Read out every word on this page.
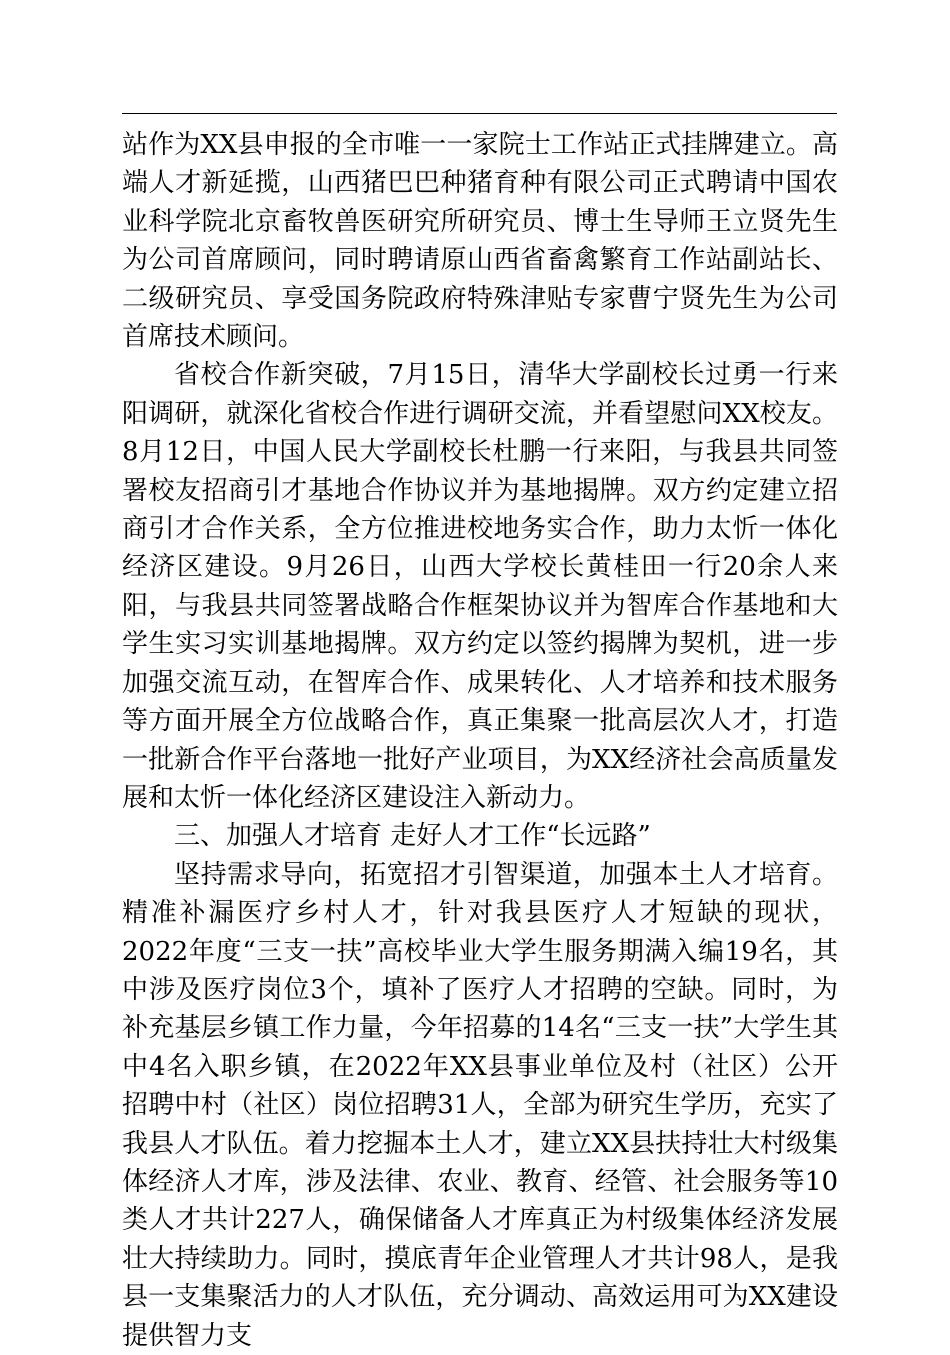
站作为XX县申报的全市唯一一家院士工作站正式挂牌建立。高端人才新延揽，山西猪巴巴种猪育种有限公司正式聘请中国农业科学院北京畜牧兽医研究所研究员、博士生导师王立贤先生为公司首席顾问，同时聘请原山西省畜禽繁育工作站副站长、二级研究员、享受国务院政府特殊津贴专家曹宁贤先生为公司首席技术顾问。

省校合作新突破，7月15日，清华大学副校长过勇一行来阳调研，就深化省校合作进行调研交流，并看望慰问XX校友。8月12日，中国人民大学副校长杜鹏一行来阳，与我县共同签署校友招商引才基地合作协议并为基地揭牌。双方约定建立招商引才合作关系，全方位推进校地务实合作，助力太忻一体化经济区建设。9月26日，山西大学校长黄桂田一行20余人来阳，与我县共同签署战略合作框架协议并为智库合作基地和大学生实习实训基地揭牌。双方约定以签约揭牌为契机，进一步加强交流互动，在智库合作、成果转化、人才培养和技术服务等方面开展全方位战略合作，真正集聚一批高层次人才，打造一批新合作平台落地一批好产业项目，为XX经济社会高质量发展和太忻一体化经济区建设注入新动力。

三、加强人才培育 走好人才工作“长远路”

坚持需求导向，拓宽招才引智渠道，加强本土人才培育。精准补漏医疗乡村人才，针对我县医疗人才短缺的现状，2022年度“三支一扶”高校毕业大学生服务期满入编19名，其中涉及医疗岗位3个，填补了医疗人才招聘的空缺。同时，为补充基层乡镇工作力量，今年招募的14名“三支一扶”大学生其中4名入职乡镇，在2022年XX县事业单位及村（社区）公开招聘中村（社区）岗位招聘31人，全部为研究生学历，充实了我县人才队伍。着力挖掘本土人才，建立XX县扶持壮大村级集体经济人才库，涉及法律、农业、教育、经管、社会服务等10类人才共计227人，确保储备人才库真正为村级集体经济发展壮大持续助力。同时，摸底青年企业管理人才共计98人，是我县一支集聚活力的人才队伍，充分调动、高效运用可为XX建设提供智力支
